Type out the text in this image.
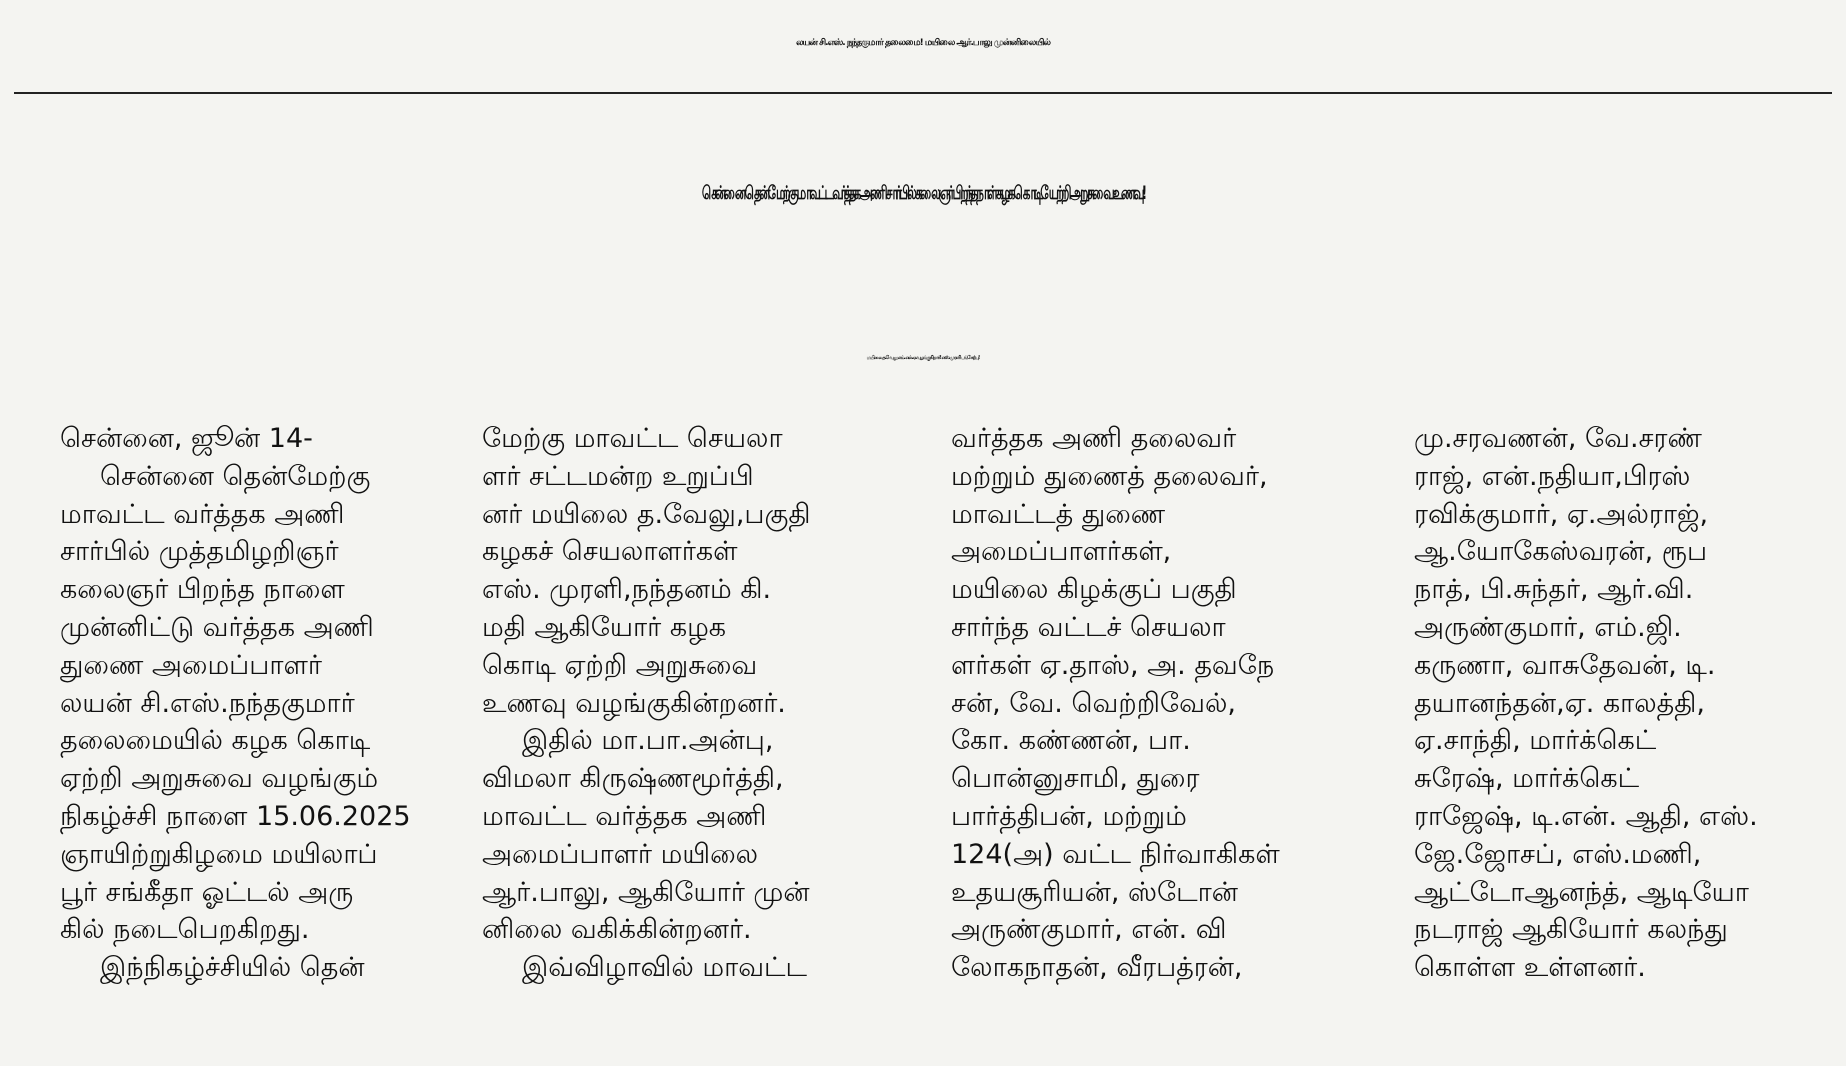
லயன் சி.எஸ். நந்தகுமார் தலைமை! மயிலை ஆர்.பாலு முன்னிலையில்
சென்னை தென்மேற்கு மாவட்ட வர்த்தக அணி சார்பில் கலைஞர் பிறந்த நாள் கழக கொடியேற்றி அறுசுவை உணவு!
மயிலை த.வேலு எம். எல்.ஏ.வழங்குகிறார்! எஸ்.முரளி பங்கேற்பு!
சென்னை, ஜூன் 14-
சென்னை தென்மேற்கு
மாவட்ட வர்த்தக அணி
சார்பில் முத்தமிழறிஞர்
கலைஞர் பிறந்த நாளை
முன்னிட்டு வர்த்தக அணி
துணை அமைப்பாளர்
லயன் சி.எஸ்.நந்தகுமார்
தலைமையில் கழக கொடி
ஏற்றி அறுசுவை வழங்கும்
நிகழ்ச்சி நாளை 15.06.2025
ஞாயிற்றுகிழமை மயிலாப்
பூர் சங்கீதா ஓட்டல் அரு
கில் நடைபெறகிறது.
இந்நிகழ்ச்சியில் தென்
மேற்கு மாவட்ட செயலா
ளர் சட்டமன்ற உறுப்பி
னர் மயிலை த.வேலு,பகுதி
கழகச் செயலாளர்கள்
எஸ். முரளி,நந்தனம் கி.
மதி ஆகியோர் கழக
கொடி ஏற்றி அறுசுவை
உணவு வழங்குகின்றனர்.
இதில் மா.பா.அன்பு,
விமலா கிருஷ்ணமூர்த்தி,
மாவட்ட வர்த்தக அணி
அமைப்பாளர் மயிலை
ஆர்.பாலு, ஆகியோர் முன்
னிலை வகிக்கின்றனர்.
இவ்விழாவில் மாவட்ட
வர்த்தக அணி தலைவர்
மற்றும் துணைத் தலைவர்,
மாவட்டத் துணை
அமைப்பாளர்கள்,
மயிலை கிழக்குப் பகுதி
சார்ந்த வட்டச் செயலா
ளர்கள் ஏ.தாஸ், அ. தவநே
சன், வே. வெற்றிவேல்,
கோ. கண்ணன், பா.
பொன்னுசாமி, துரை
பார்த்திபன், மற்றும்
124(அ) வட்ட நிர்வாகிகள்
உதயசூரியன், ஸ்டோன்
அருண்குமார், என். வி
லோகநாதன், வீரபத்ரன்,
மு.சரவணன், வே.சரண்
ராஜ், என்.நதியா,பிரஸ்
ரவிக்குமார், ஏ.அல்ராஜ்,
ஆ.யோகேஸ்வரன், ரூப
நாத், பி.சுந்தர், ஆர்.வி.
அருண்குமார், எம்.ஜி.
கருணா, வாசுதேவன், டி.
தயானந்தன்,ஏ. காலத்தி,
ஏ.சாந்தி, மார்க்கெட்
சுரேஷ், மார்க்கெட்
ராஜேஷ், டி.என். ஆதி, எஸ்.
ஜே.ஜோசப், எஸ்.மணி,
ஆட்டோஆனந்த், ஆடியோ
நடராஜ் ஆகியோர் கலந்து
கொள்ள உள்ளனர்.
